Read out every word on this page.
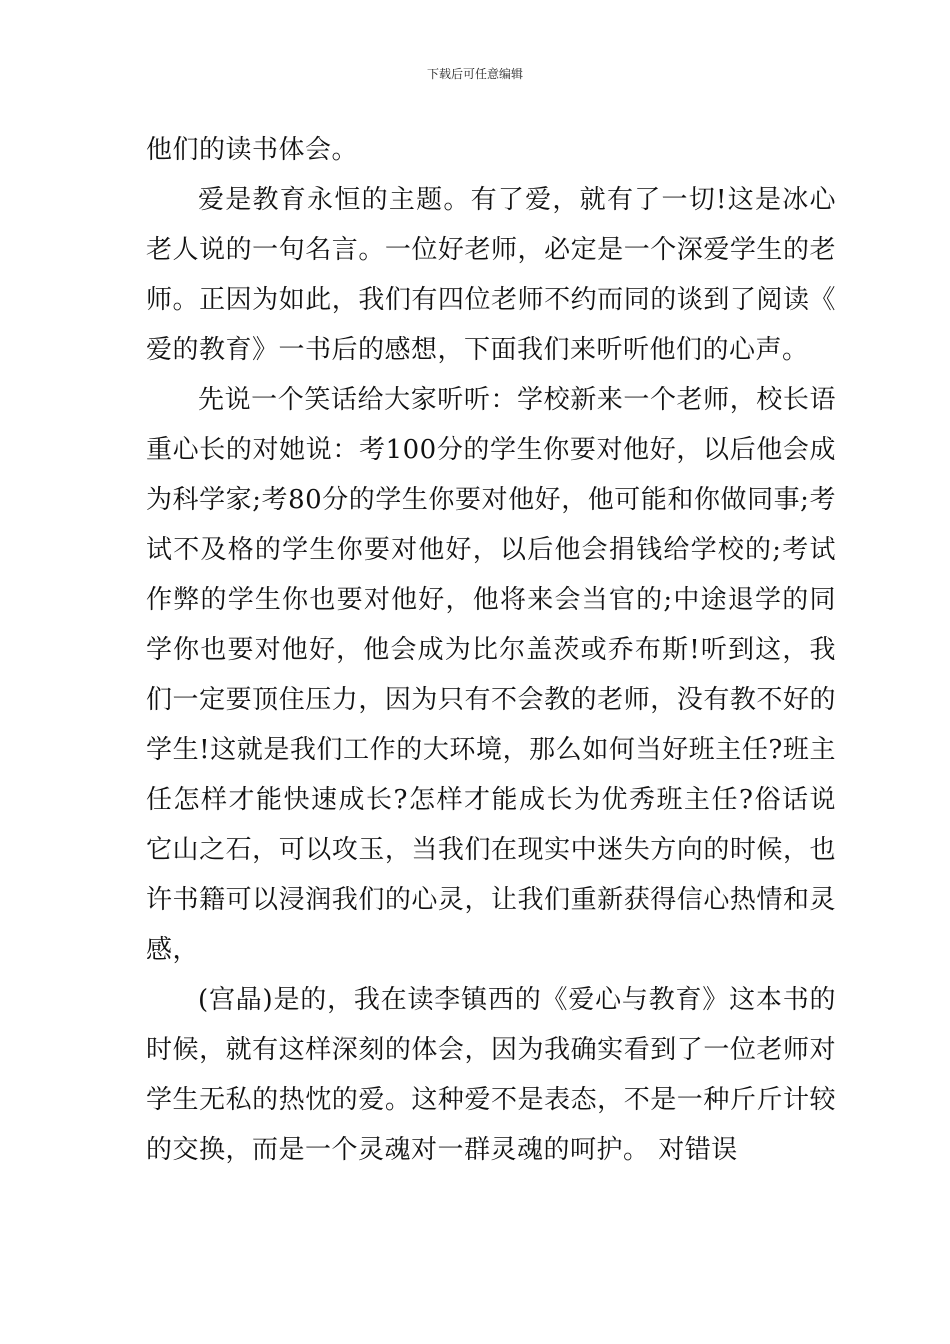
下载后可任意编辑

他们的读书体会。

爱是教育永恒的主题。有了爱，就有了一切!这是冰心老人说的一句名言。一位好老师，必定是一个深爱学生的老师。正因为如此，我们有四位老师不约而同的谈到了阅读《 爱的教育》一书后的感想，下面我们来听听他们的心声。

先说一个笑话给大家听听：学校新来一个老师，校长语重心长的对她说：考100分的学生你要对他好，以后他会成为科学家;考80分的学生你要对他好，他可能和你做同事;考试不及格的学生你要对他好，以后他会捐钱给学校的;考试作弊的学生你也要对他好，他将来会当官的;中途退学的同学你也要对他好，他会成为比尔盖茨或乔布斯!听到这，我们一定要顶住压力，因为只有不会教的老师，没有教不好的学生!这就是我们工作的大环境，那么如何当好班主任?班主任怎样才能快速成长?怎样才能成长为优秀班主任?俗话说它山之石，可以攻玉，当我们在现实中迷失方向的时候，也许书籍可以浸润我们的心灵，让我们重新获得信心热情和灵感，

(宫晶)是的，我在读李镇西的《爱心与教育》这本书的时候，就有这样深刻的体会，因为我确实看到了一位老师对学生无私的热忱的爱。这种爱不是表态，不是一种斤斤计较的交换，而是一个灵魂对一群灵魂的呵护。 对错误
